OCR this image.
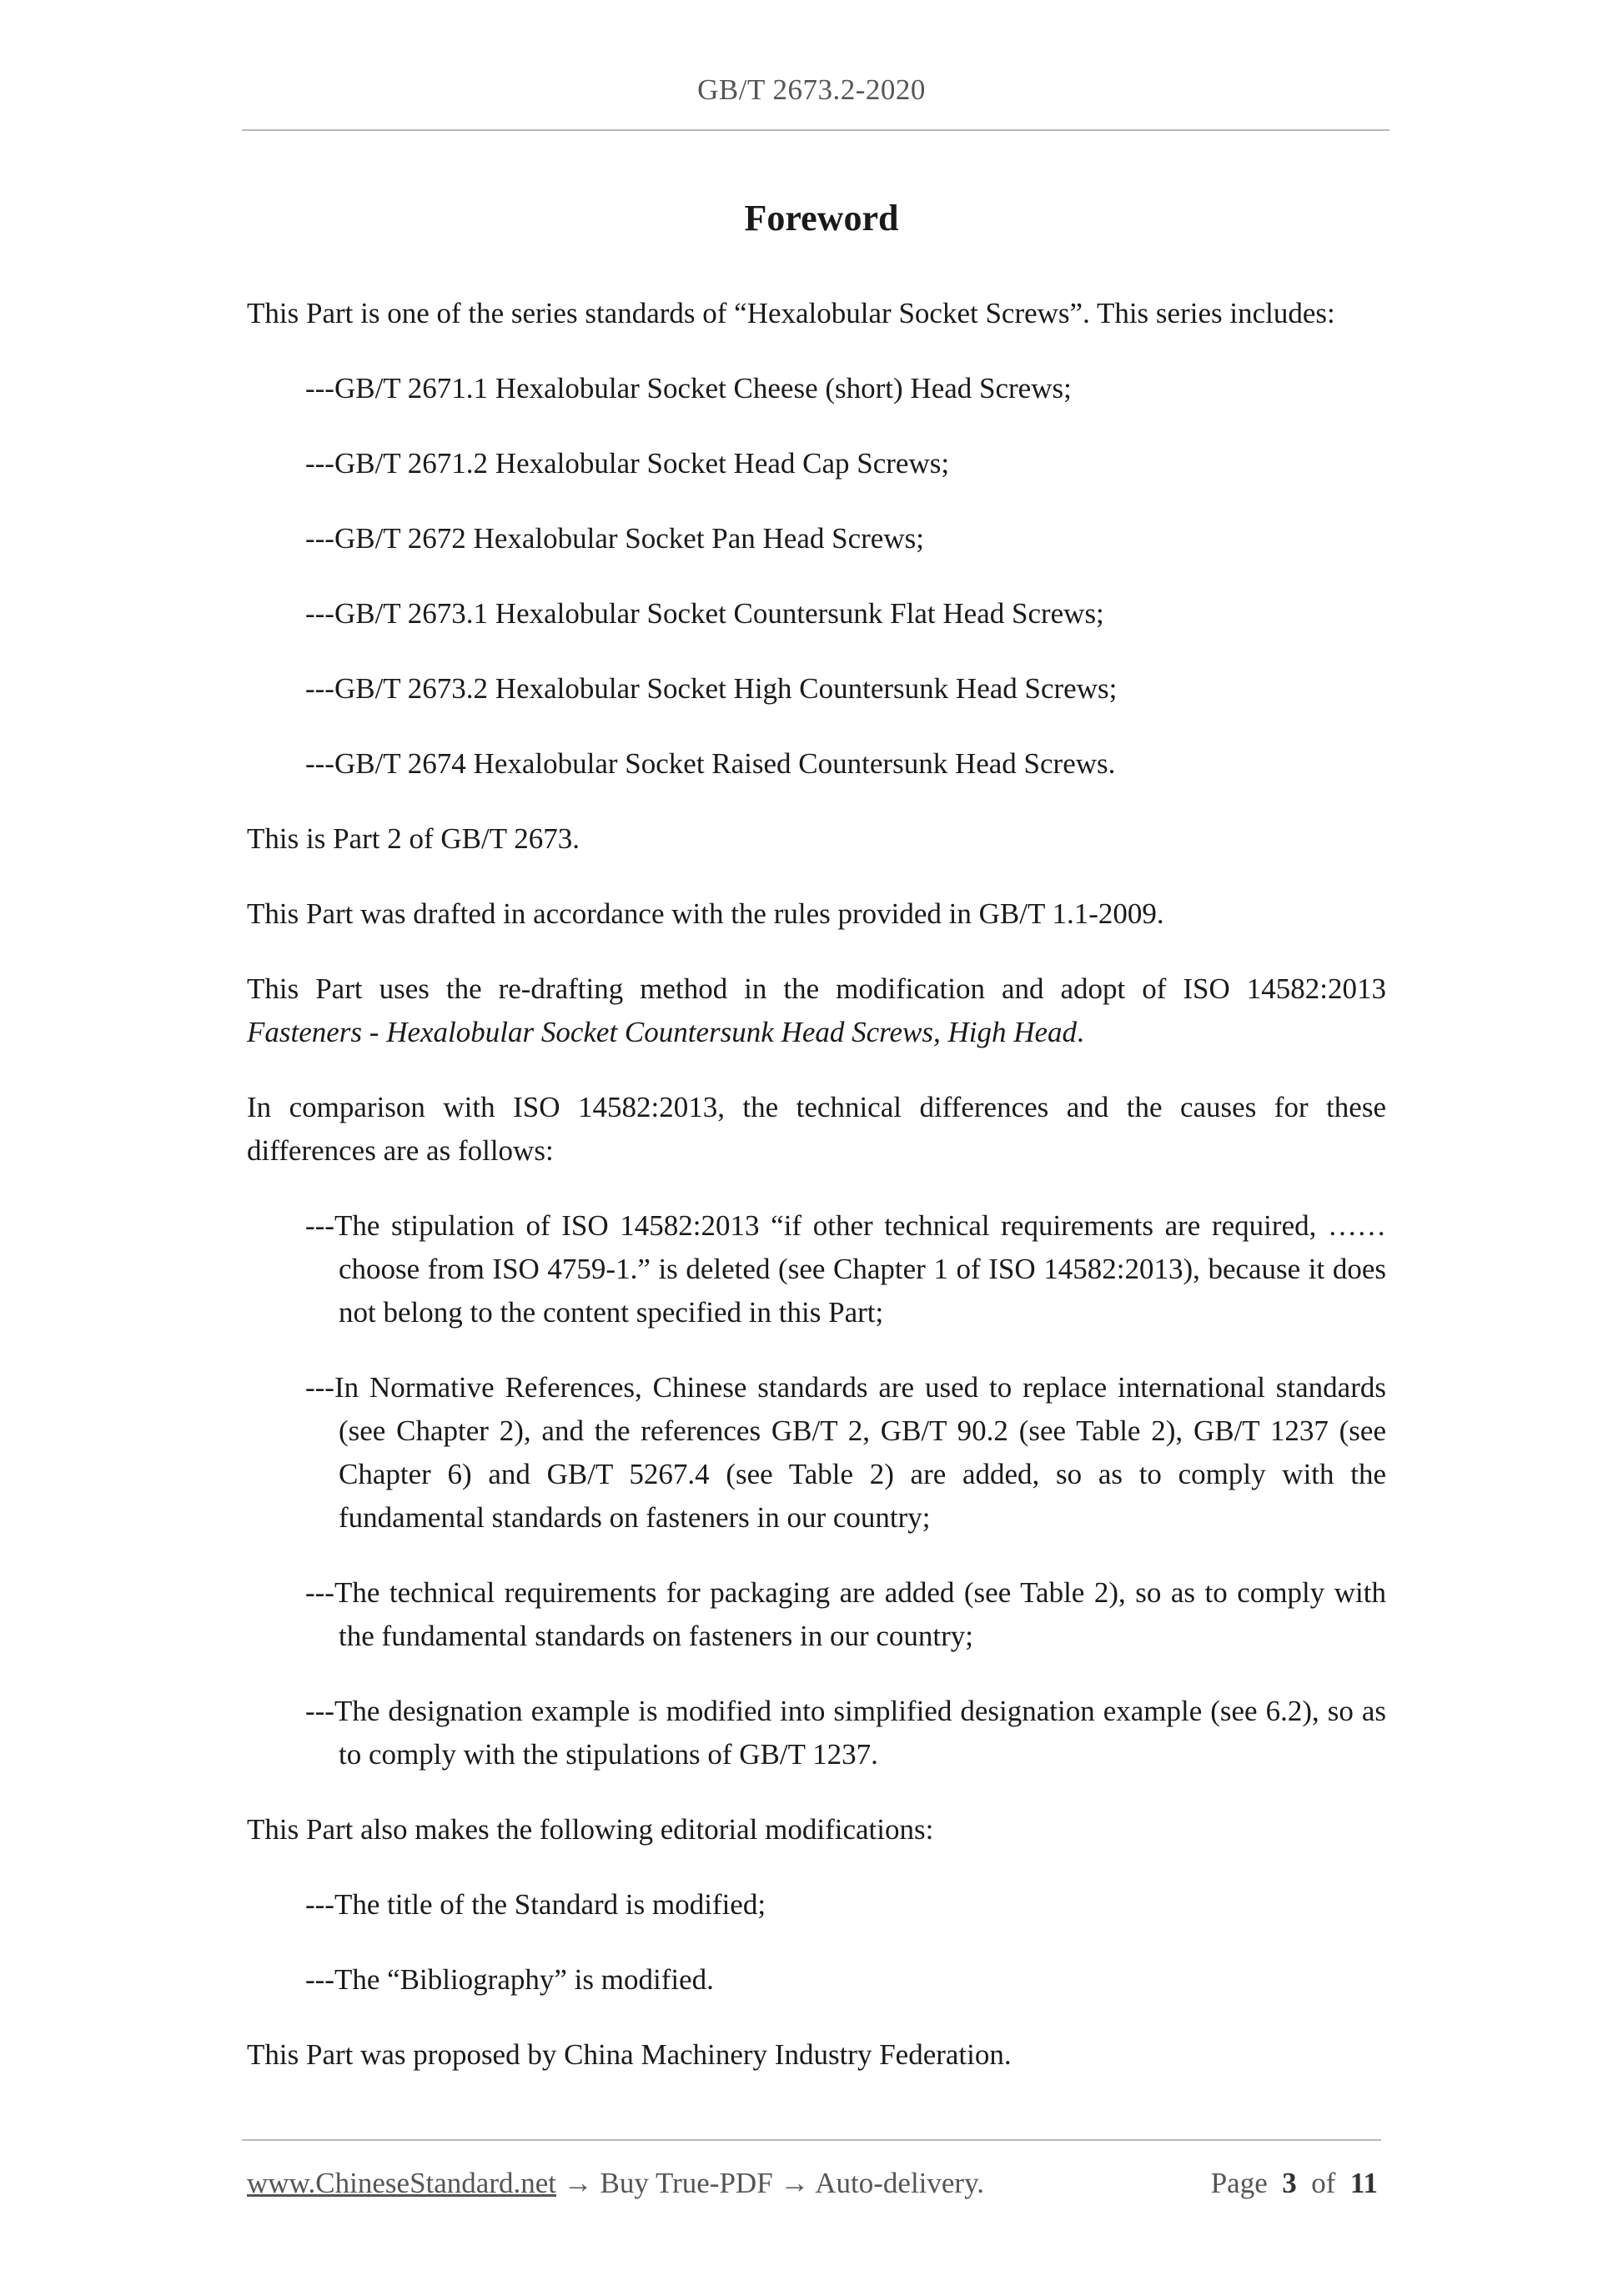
GB/T 2673.2-2020
Foreword

This Part is one of the series standards of “Hexalobular Socket Screws”. This series includes:

---GB/T 2671.1 Hexalobular Socket Cheese (short) Head Screws;

---GB/T 2671.2 Hexalobular Socket Head Cap Screws;

---GB/T 2672 Hexalobular Socket Pan Head Screws;

---GB/T 2673.1 Hexalobular Socket Countersunk Flat Head Screws;

---GB/T 2673.2 Hexalobular Socket High Countersunk Head Screws;

---GB/T 2674 Hexalobular Socket Raised Countersunk Head Screws.

This is Part 2 of GB/T 2673.

This Part was drafted in accordance with the rules provided in GB/T 1.1-2009.

This Part uses the re-drafting method in the modification and adopt of ISO 14582:2013 Fasteners - Hexalobular Socket Countersunk Head Screws, High Head.

In comparison with ISO 14582:2013, the technical differences and the causes for these differences are as follows:

---The stipulation of ISO 14582:2013 “if other technical requirements are required, …… choose from ISO 4759-1.” is deleted (see Chapter 1 of ISO 14582:2013), because it does not belong to the content specified in this Part;

---In Normative References, Chinese standards are used to replace international standards (see Chapter 2), and the references GB/T 2, GB/T 90.2 (see Table 2), GB/T 1237 (see Chapter 6) and GB/T 5267.4 (see Table 2) are added, so as to comply with the fundamental standards on fasteners in our country;

---The technical requirements for packaging are added (see Table 2), so as to comply with the fundamental standards on fasteners in our country;

---The designation example is modified into simplified designation example (see 6.2), so as to comply with the stipulations of GB/T 1237.

This Part also makes the following editorial modifications:

---The title of the Standard is modified;

---The “Bibliography” is modified.

This Part was proposed by China Machinery Industry Federation.

www.ChineseStandard.net → Buy True-PDF → Auto-delivery.	Page 3 of 11
